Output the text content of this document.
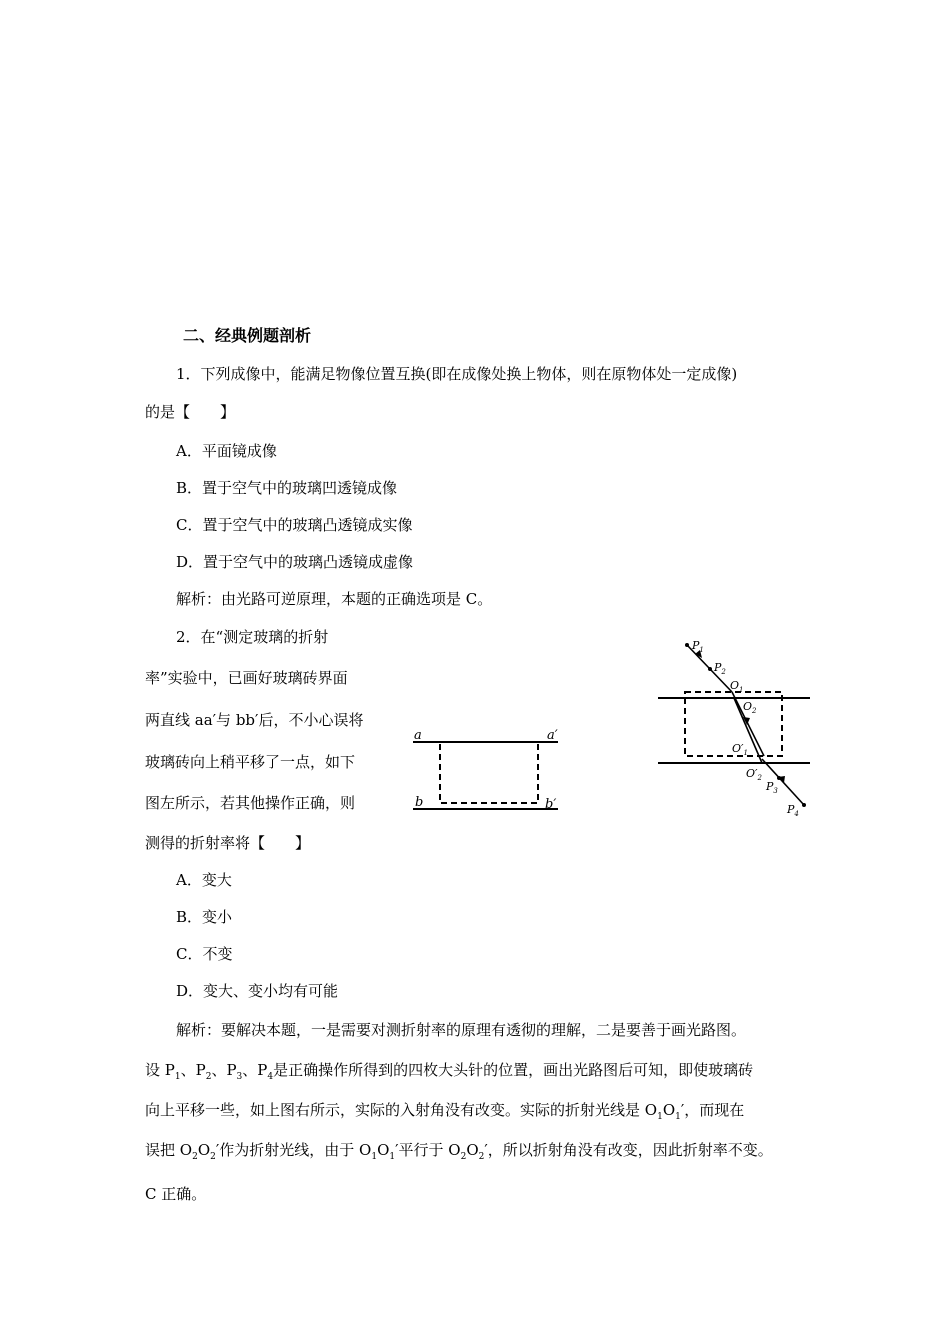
二、经典例题剖析
1．下列成像中，能满足物像位置互换(即在成像处换上物体，则在原物体处一定成像)
的是【　　】
A．平面镜成像
B．置于空气中的玻璃凹透镜成像
C．置于空气中的玻璃凸透镜成实像
D．置于空气中的玻璃凸透镜成虚像
解析：由光路可逆原理，本题的正确选项是 C。
2．在“测定玻璃的折射
率”实验中，已画好玻璃砖界面
两直线 aa′与 bb′后，不小心误将
玻璃砖向上稍平移了一点，如下
图左所示，若其他操作正确，则
测得的折射率将【　　】
a	a′
b	b′
$P_1$
$P_2$
$O_1$
$O_2$
$O'_1$
$O'_2$
$P_3$
$P_4$
A．变大
B．变小
C．不变
D．变大、变小均有可能
解析：要解决本题，一是需要对测折射率的原理有透彻的理解，二是要善于画光路图。
设 $P_1$、$P_2$、$P_3$、$P_4$是正确操作所得到的四枚大头针的位置，画出光路图后可知，即使玻璃砖
向上平移一些，如上图右所示，实际的入射角没有改变。实际的折射光线是 $O_1O_1'$，而现在
误把 $O_2O_2'$作为折射光线，由于 $O_1O_1'$平行于 $O_2O_2'$，所以折射角没有改变，因此折射率不变。
C 正确。
